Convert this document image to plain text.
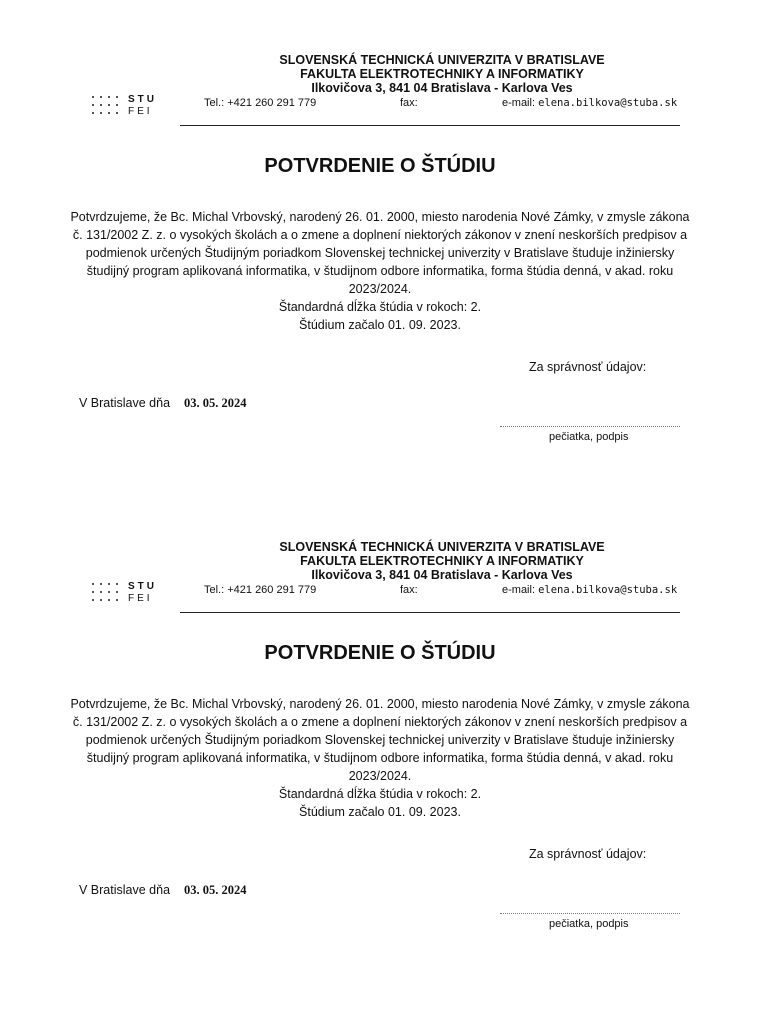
STU
FEI
SLOVENSKÁ TECHNICKÁ UNIVERZITA V BRATISLAVE
FAKULTA ELEKTROTECHNIKY A INFORMATIKY
Ilkovičova 3, 841 04 Bratislava - Karlova Ves
Tel.: +421 260 291 779	fax:	e-mail: elena.bilkova@stuba.sk
POTVRDENIE O ŠTÚDIU

Potvrdzujeme, že Bc. Michal Vrbovský, narodený 26. 01. 2000, miesto narodenia Nové Zámky, v zmysle zákona č. 131/2002 Z. z. o vysokých školách a o zmene a doplnení niektorých zákonov v znení neskorších predpisov a podmienok určených Študijným poriadkom Slovenskej technickej univerzity v Bratislave študuje inžiniersky študijný program aplikovaná informatika, v študijnom odbore informatika, forma štúdia denná, v akad. roku 2023/2024.

Štandardná dĺžka štúdia v rokoch: 2.

Štúdium začalo 01. 09. 2023.

Za správnosť údajov:
V Bratislave dňa 03. 05. 2024
pečiatka, podpis
STU
FEI
SLOVENSKÁ TECHNICKÁ UNIVERZITA V BRATISLAVE
FAKULTA ELEKTROTECHNIKY A INFORMATIKY
Ilkovičova 3, 841 04 Bratislava - Karlova Ves
Tel.: +421 260 291 779	fax:	e-mail: elena.bilkova@stuba.sk
POTVRDENIE O ŠTÚDIU

Potvrdzujeme, že Bc. Michal Vrbovský, narodený 26. 01. 2000, miesto narodenia Nové Zámky, v zmysle zákona č. 131/2002 Z. z. o vysokých školách a o zmene a doplnení niektorých zákonov v znení neskorších predpisov a podmienok určených Študijným poriadkom Slovenskej technickej univerzity v Bratislave študuje inžiniersky študijný program aplikovaná informatika, v študijnom odbore informatika, forma štúdia denná, v akad. roku 2023/2024.

Štandardná dĺžka štúdia v rokoch: 2.

Štúdium začalo 01. 09. 2023.

Za správnosť údajov:
V Bratislave dňa 03. 05. 2024
pečiatka, podpis
